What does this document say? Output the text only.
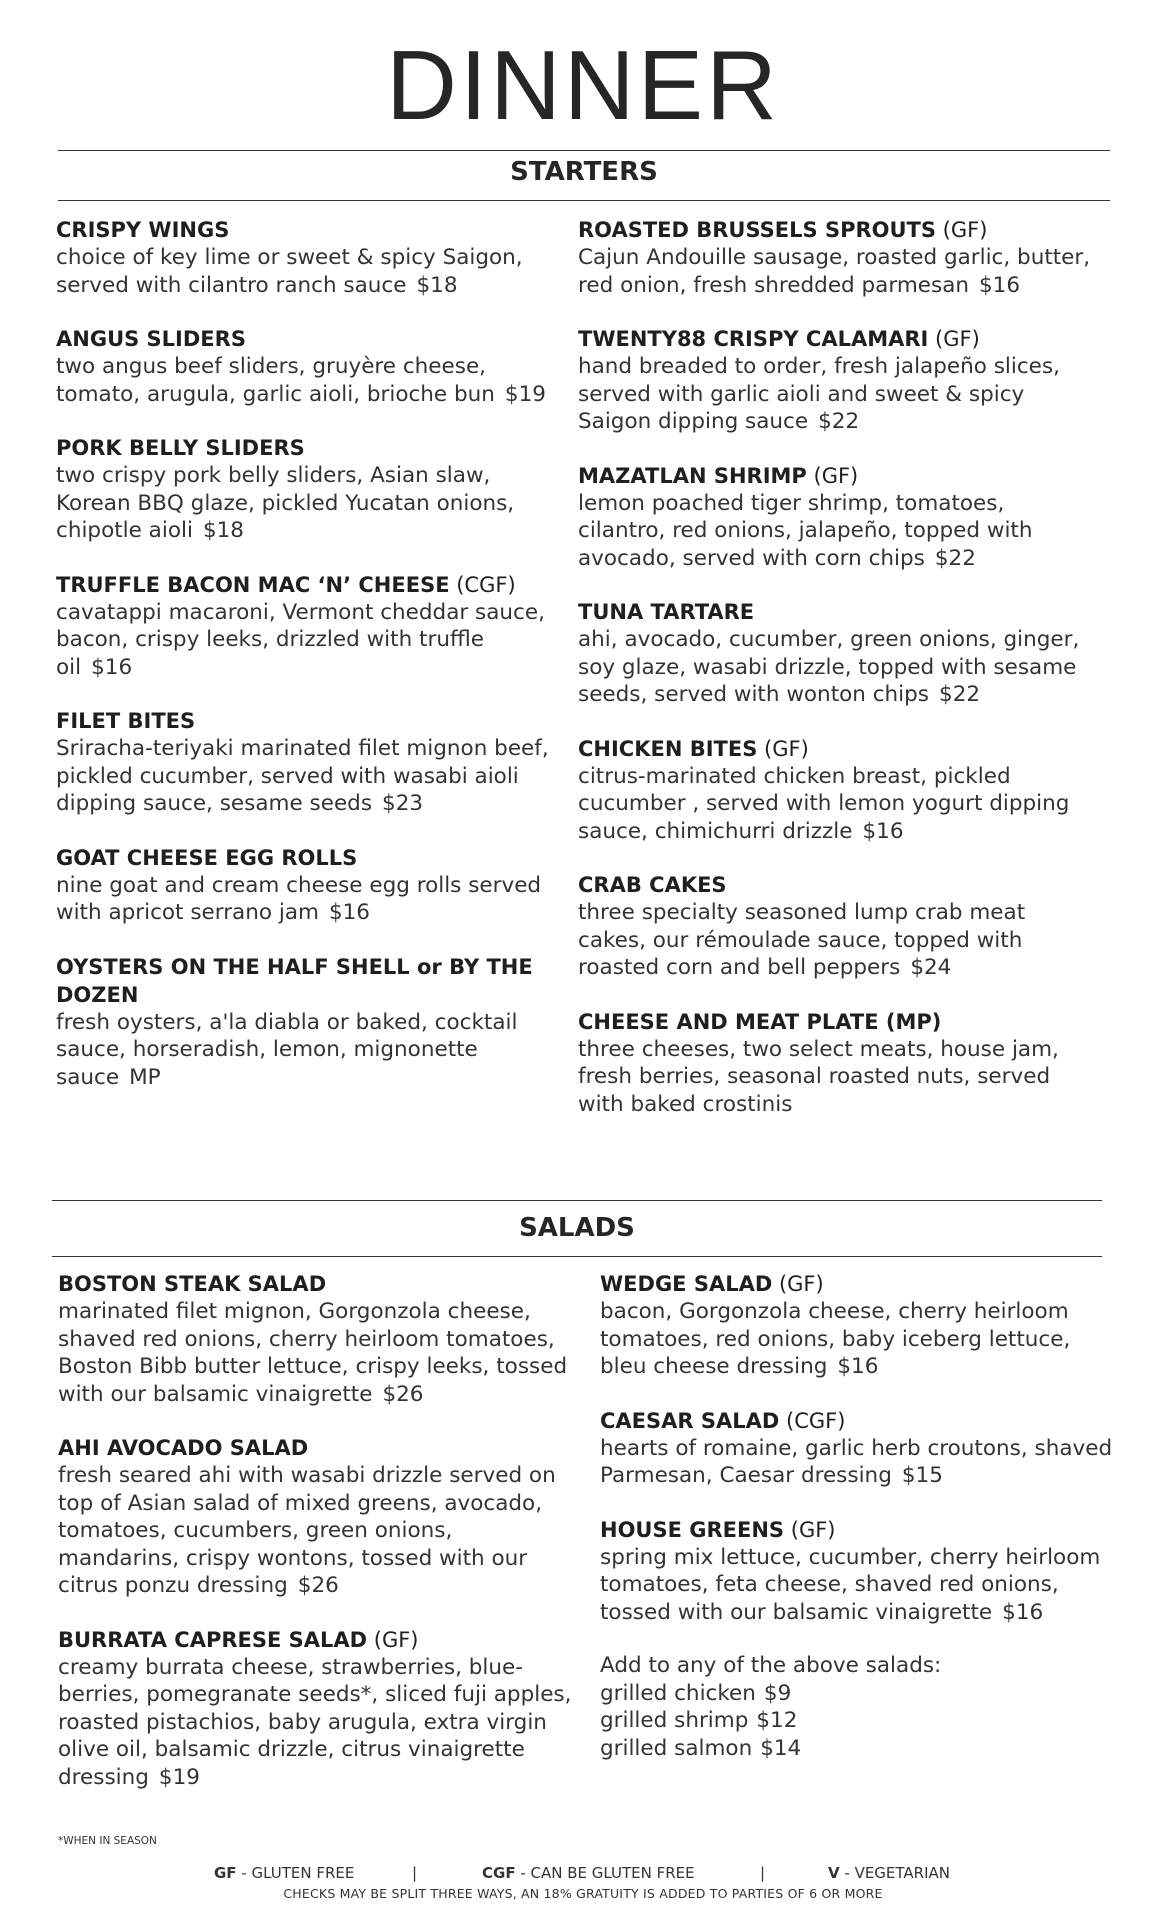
DINNER
STARTERS
CRISPY WINGS
choice of key lime or sweet & spicy Saigon, served with cilantro ranch sauce $18
ANGUS SLIDERS
two angus beef sliders, gruyère cheese, tomato, arugula, garlic aioli, brioche bun $19
PORK BELLY SLIDERS
two crispy pork belly sliders, Asian slaw, Korean BBQ glaze, pickled Yucatan onions, chipotle aioli $18
TRUFFLE BACON MAC ‘N’ CHEESE (CGF)
cavatappi macaroni, Vermont cheddar sauce, bacon, crispy leeks, drizzled with truffle oil $16
FILET BITES
Sriracha-teriyaki marinated filet mignon beef, pickled cucumber, served with wasabi aioli dipping sauce, sesame seeds $23
GOAT CHEESE EGG ROLLS
nine goat and cream cheese egg rolls served with apricot serrano jam $16
OYSTERS ON THE HALF SHELL or BY THE DOZEN
fresh oysters, a'la diabla or baked, cocktail sauce, horseradish, lemon, mignonette sauce MP
ROASTED BRUSSELS SPROUTS (GF)
Cajun Andouille sausage, roasted garlic, butter, red onion, fresh shredded parmesan $16
TWENTY88 CRISPY CALAMARI (GF)
hand breaded to order, fresh jalapeño slices, served with garlic aioli and sweet & spicy Saigon dipping sauce $22
MAZATLAN SHRIMP (GF)
lemon poached tiger shrimp, tomatoes, cilantro, red onions, jalapeño, topped with avocado, served with corn chips $22
TUNA TARTARE
ahi, avocado, cucumber, green onions, ginger, soy glaze, wasabi drizzle, topped with sesame seeds, served with wonton chips $22
CHICKEN BITES (GF)
citrus-marinated chicken breast, pickled cucumber , served with lemon yogurt dipping sauce, chimichurri drizzle $16
CRAB CAKES
three specialty seasoned lump crab meat cakes, our rémoulade sauce, topped with roasted corn and bell peppers $24
CHEESE AND MEAT PLATE (MP)
three cheeses, two select meats, house jam, fresh berries, seasonal roasted nuts, served with baked crostinis
SALADS
BOSTON STEAK SALAD
marinated filet mignon, Gorgonzola cheese, shaved red onions, cherry heirloom tomatoes, Boston Bibb butter lettuce, crispy leeks, tossed with our balsamic vinaigrette $26
AHI AVOCADO SALAD
fresh seared ahi with wasabi drizzle served on top of Asian salad of mixed greens, avocado, tomatoes, cucumbers, green onions, mandarins, crispy wontons, tossed with our citrus ponzu dressing $26
BURRATA CAPRESE SALAD (GF)
creamy burrata cheese, strawberries, blue-berries, pomegranate seeds*, sliced fuji apples, roasted pistachios, baby arugula, extra virgin olive oil, balsamic drizzle, citrus vinaigrette dressing $19
WEDGE SALAD (GF)
bacon, Gorgonzola cheese, cherry heirloom tomatoes, red onions, baby iceberg lettuce, bleu cheese dressing $16
CAESAR SALAD (CGF)
hearts of romaine, garlic herb croutons, shaved Parmesan, Caesar dressing $15
HOUSE GREENS (GF)
spring mix lettuce, cucumber, cherry heirloom tomatoes, feta cheese, shaved red onions, tossed with our balsamic vinaigrette $16
Add to any of the above salads:
grilled chicken $9
grilled shrimp $12
grilled salmon $14
*WHEN IN SEASON
GF - GLUTEN FREE	|	CGF - CAN BE GLUTEN FREE	|	V - VEGETARIAN
CHECKS MAY BE SPLIT THREE WAYS, AN 18% GRATUITY IS ADDED TO PARTIES OF 6 OR MORE
